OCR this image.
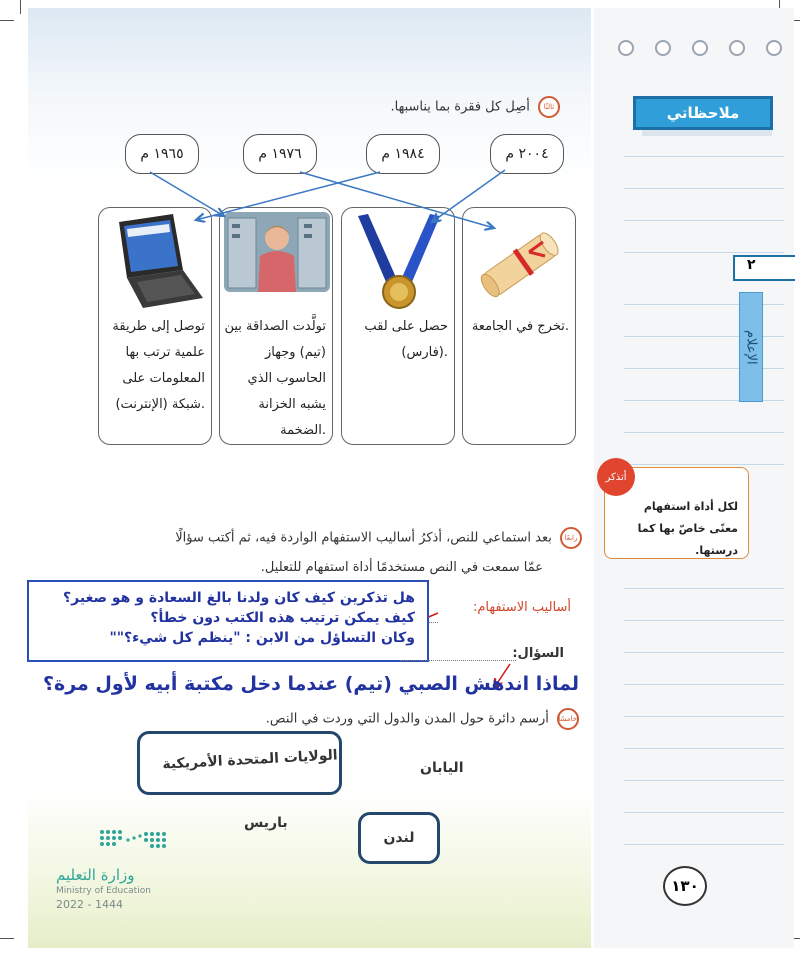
ملاحظاتي
٢
الإعلام
لكل أداة استفهام معنًى خاصّ بها كما درستها.
أتذكر
١٣٠
ثالثًا أصِل كل فقرة بما يناسبها.
٢٠٠٤ م
١٩٨٤ م
١٩٧٦ م
١٩٦٥ م
تخرج في الجامعة.
حصل على لقب (فارس).
تولَّدت الصداقة بين (تيم) وجهاز الحاسوب الذي يشبه الخزانة الضخمة.
توصل إلى طريقة علمية ترتب بها المعلومات على شبكة (الإنترنت).
رابعًا بعد استماعي للنص، أذكرُ أساليب الاستفهام الواردة فيه، ثم أكتب سؤالًا
عمّا سمعت في النص مستخدمًا أداة استفهام للتعليل.
أساليب الاستفهام:
هل تذكرين كيف كان ولدنا بالغ السعادة و هو صغير؟
كيف يمكن ترتيب هذه الكتب دون خطأ؟
وكان التساؤل من الابن : "ينظم كل شيء؟""
السؤال:
لماذا اندهش الصبي (تيم) عندما دخل مكتبة أبيه لأول مرة؟
خامسًا أرسم دائرة حول المدن والدول التي وردت في النص.
الولايات المتحدة الأمريكية	اليابان
باريس
لندن
وزارة التعليم
Ministry of Education
2022 - 1444
